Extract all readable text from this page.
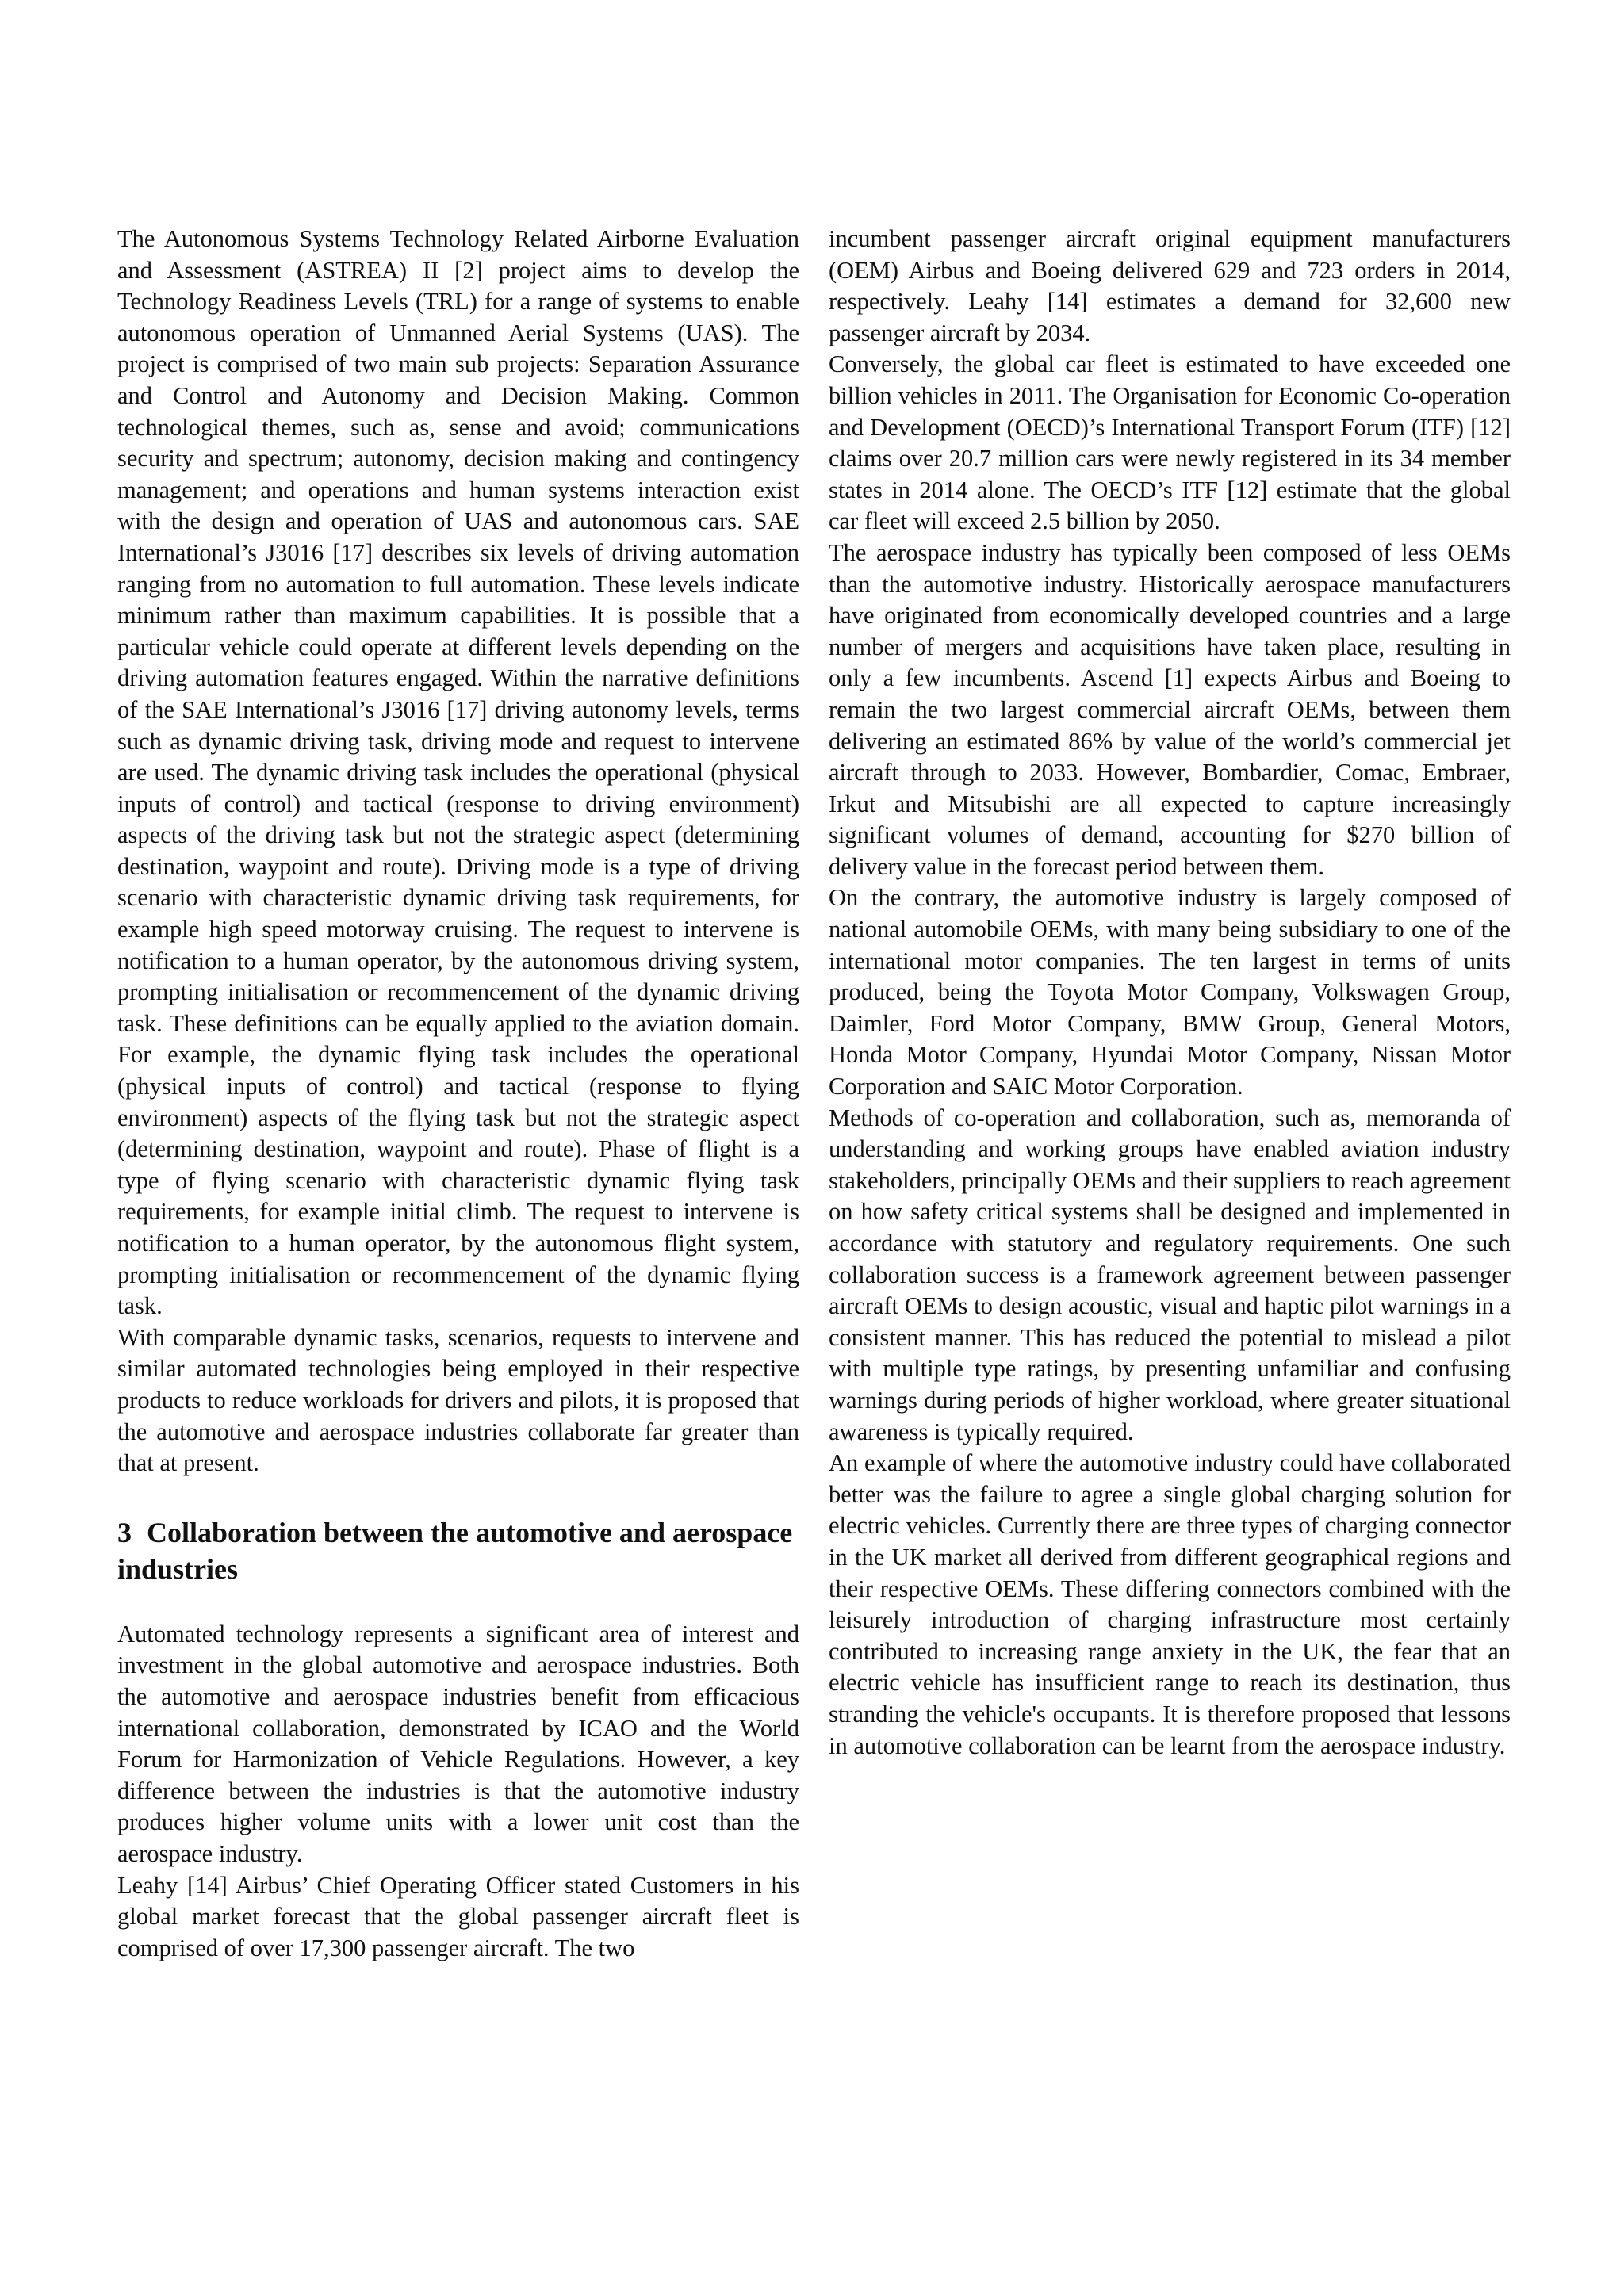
The Autonomous Systems Technology Related Airborne Evaluation and Assessment (ASTREA) II [2] project aims to develop the Technology Readiness Levels (TRL) for a range of systems to enable autonomous operation of Unmanned Aerial Systems (UAS). The project is comprised of two main sub projects: Separation Assurance and Control and Autonomy and Decision Making. Common technological themes, such as, sense and avoid; communications security and spectrum; autonomy, decision making and contingency management; and operations and human systems interaction exist with the design and operation of UAS and autonomous cars. SAE International’s J3016 [17] describes six levels of driving automation ranging from no automation to full automation. These levels indicate minimum rather than maximum capabilities. It is possible that a particular vehicle could operate at different levels depending on the driving automation features engaged. Within the narrative definitions of the SAE International’s J3016 [17] driving autonomy levels, terms such as dynamic driving task, driving mode and request to intervene are used. The dynamic driving task includes the operational (physical inputs of control) and tactical (response to driving environment) aspects of the driving task but not the strategic aspect (determining destination, waypoint and route). Driving mode is a type of driving scenario with characteristic dynamic driving task requirements, for example high speed motorway cruising. The request to intervene is notification to a human operator, by the autonomous driving system, prompting initialisation or recommencement of the dynamic driving task. These definitions can be equally applied to the aviation domain. For example, the dynamic flying task includes the operational (physical inputs of control) and tactical (response to flying environment) aspects of the flying task but not the strategic aspect (determining destination, waypoint and route). Phase of flight is a type of flying scenario with characteristic dynamic flying task requirements, for example initial climb. The request to intervene is notification to a human operator, by the autonomous flight system, prompting initialisation or recommencement of the dynamic flying task.

With comparable dynamic tasks, scenarios, requests to intervene and similar automated technologies being employed in their respective products to reduce workloads for drivers and pilots, it is proposed that the automotive and aerospace industries collaborate far greater than that at present.

3 Collaboration between the automotive and aerospace industries

Automated technology represents a significant area of interest and investment in the global automotive and aerospace industries. Both the automotive and aerospace industries benefit from efficacious international collaboration, demonstrated by ICAO and the World Forum for Harmonization of Vehicle Regulations. However, a key difference between the industries is that the automotive industry produces higher volume units with a lower unit cost than the aerospace industry.

Leahy [14] Airbus’ Chief Operating Officer stated Customers in his global market forecast that the global passenger aircraft fleet is comprised of over 17,300 passenger aircraft. The two

incumbent passenger aircraft original equipment manufacturers (OEM) Airbus and Boeing delivered 629 and 723 orders in 2014, respectively. Leahy [14] estimates a demand for 32,600 new passenger aircraft by 2034.

Conversely, the global car fleet is estimated to have exceeded one billion vehicles in 2011. The Organisation for Economic Co-operation and Development (OECD)’s International Transport Forum (ITF) [12] claims over 20.7 million cars were newly registered in its 34 member states in 2014 alone. The OECD’s ITF [12] estimate that the global car fleet will exceed 2.5 billion by 2050.

The aerospace industry has typically been composed of less OEMs than the automotive industry. Historically aerospace manufacturers have originated from economically developed countries and a large number of mergers and acquisitions have taken place, resulting in only a few incumbents. Ascend [1] expects Airbus and Boeing to remain the two largest commercial aircraft OEMs, between them delivering an estimated 86% by value of the world’s commercial jet aircraft through to 2033. However, Bombardier, Comac, Embraer, Irkut and Mitsubishi are all expected to capture increasingly significant volumes of demand, accounting for $270 billion of delivery value in the forecast period between them.

On the contrary, the automotive industry is largely composed of national automobile OEMs, with many being subsidiary to one of the international motor companies. The ten largest in terms of units produced, being the Toyota Motor Company, Volkswagen Group, Daimler, Ford Motor Company, BMW Group, General Motors, Honda Motor Company, Hyundai Motor Company, Nissan Motor Corporation and SAIC Motor Corporation.

Methods of co-operation and collaboration, such as, memoranda of understanding and working groups have enabled aviation industry stakeholders, principally OEMs and their suppliers to reach agreement on how safety critical systems shall be designed and implemented in accordance with statutory and regulatory requirements. One such collaboration success is a framework agreement between passenger aircraft OEMs to design acoustic, visual and haptic pilot warnings in a consistent manner. This has reduced the potential to mislead a pilot with multiple type ratings, by presenting unfamiliar and confusing warnings during periods of higher workload, where greater situational awareness is typically required.

An example of where the automotive industry could have collaborated better was the failure to agree a single global charging solution for electric vehicles. Currently there are three types of charging connector in the UK market all derived from different geographical regions and their respective OEMs. These differing connectors combined with the leisurely introduction of charging infrastructure most certainly contributed to increasing range anxiety in the UK, the fear that an electric vehicle has insufficient range to reach its destination, thus stranding the vehicle's occupants. It is therefore proposed that lessons in automotive collaboration can be learnt from the aerospace industry.
